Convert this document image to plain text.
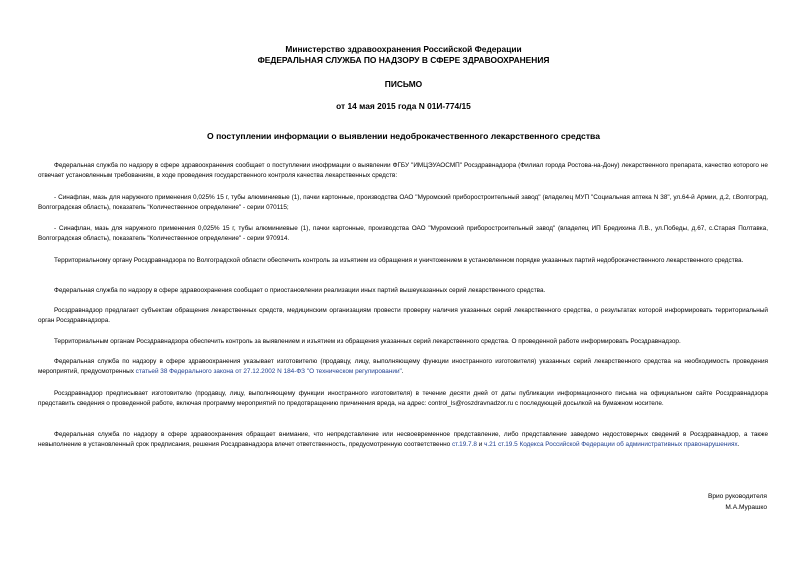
Министерство здравоохранения Российской Федерации
ФЕДЕРАЛЬНАЯ СЛУЖБА ПО НАДЗОРУ В СФЕРЕ ЗДРАВООХРАНЕНИЯ
ПИСЬМО
от 14 мая 2015 года N 01И-774/15
О поступлении информации о выявлении недоброкачественного лекарственного средства
Федеральная служба по надзору в сфере здравоохранения сообщает о поступлении инофрмации о выявлении ФГБУ "ИМЦЭУАОСМП" Росздравнадзора (Филиал города Ростова-на-Дону) лекарственного препарата, качество которого не отвечает установленным требованиям, в ходе проведения государственного контроля качества лекарственных средств:
- Синафлан, мазь для наружного применения 0,025% 15 г, тубы алюминиевые (1), пачки картонные, производства ОАО "Муромский приборостроительный завод" (владелец МУП "Социальная аптека N 38", ул.64-й Армии, д.2, г.Волгоград, Волгоградская область), показатель "Количественное определение" - серии 070115;
- Синафлан, мазь для наружного применения 0,025% 15 г, тубы алюминиевые (1), пачки картонные, производства ОАО "Муромский приборостроительный завод" (владелец ИП Бредихина Л.В., ул.Победы, д.67, с.Старая Полтавка, Волгоградская область), показатель "Количественное определение" - серии 970914.
Территориальному органу Росздравнадзора по Волгоградской области обеспечить контроль за изъятием из обращения и уничтожением в установленном порядке указанных партий недоброкачественного лекарственного средства.
Федеральная служба по надзору в сфере здравоохранения сообщает о приостановлении реализации иных партий вышеуказанных серий лекарственного средства.
Росздравнадзор предлагает субъектам обращения лекарственных средств, медицинским организациям провести проверку наличия указанных серий лекарственного средства, о результатах которой информировать территориальный орган Росздравнадзора.
Территориальным органам Росздравнадзора обеспечить контроль за выявлением и изъятием из обращения указанных серий лекарственного средства. О проведенной работе информировать Росздравнадзор.
Федеральная служба по надзору в сфере здравоохранения указывает изготовителю (продавцу, лицу, выполняющему функции иностранного изготовителя) указанных серий лекарственного средства на необходимость проведения мероприятий, предусмотренных статьей 38 Федерального закона от 27.12.2002 N 184-ФЗ "О техническом регулировании".
Росздравнадзор предписывает изготовителю (продавцу, лицу, выполняющему функции иностранного изготовителя) в течение десяти дней от даты публикации информационного письма на официальном сайте Росздравнадзора представить сведения о проведенной работе, включая программу мероприятий по предотвращению причинения вреда, на адрес: control_ls@roszdravnadzor.ru с последующей досылкой на бумажном носителе.
Федеральная служба по надзору в сфере здравоохранения обращает внимание, что непредставление или несвоевременное представление, либо представление заведомо недостоверных сведений в Росздравнадзор, а также невыполнение в установленный срок предписания, решения Росздравнадзора влечет ответственность, предусмотренную соответственно ст.19.7.8 и ч.21 ст.19.5 Кодекса Российской Федерации об административных правонарушениях.
Врио руководителя
М.А.Мурашко
